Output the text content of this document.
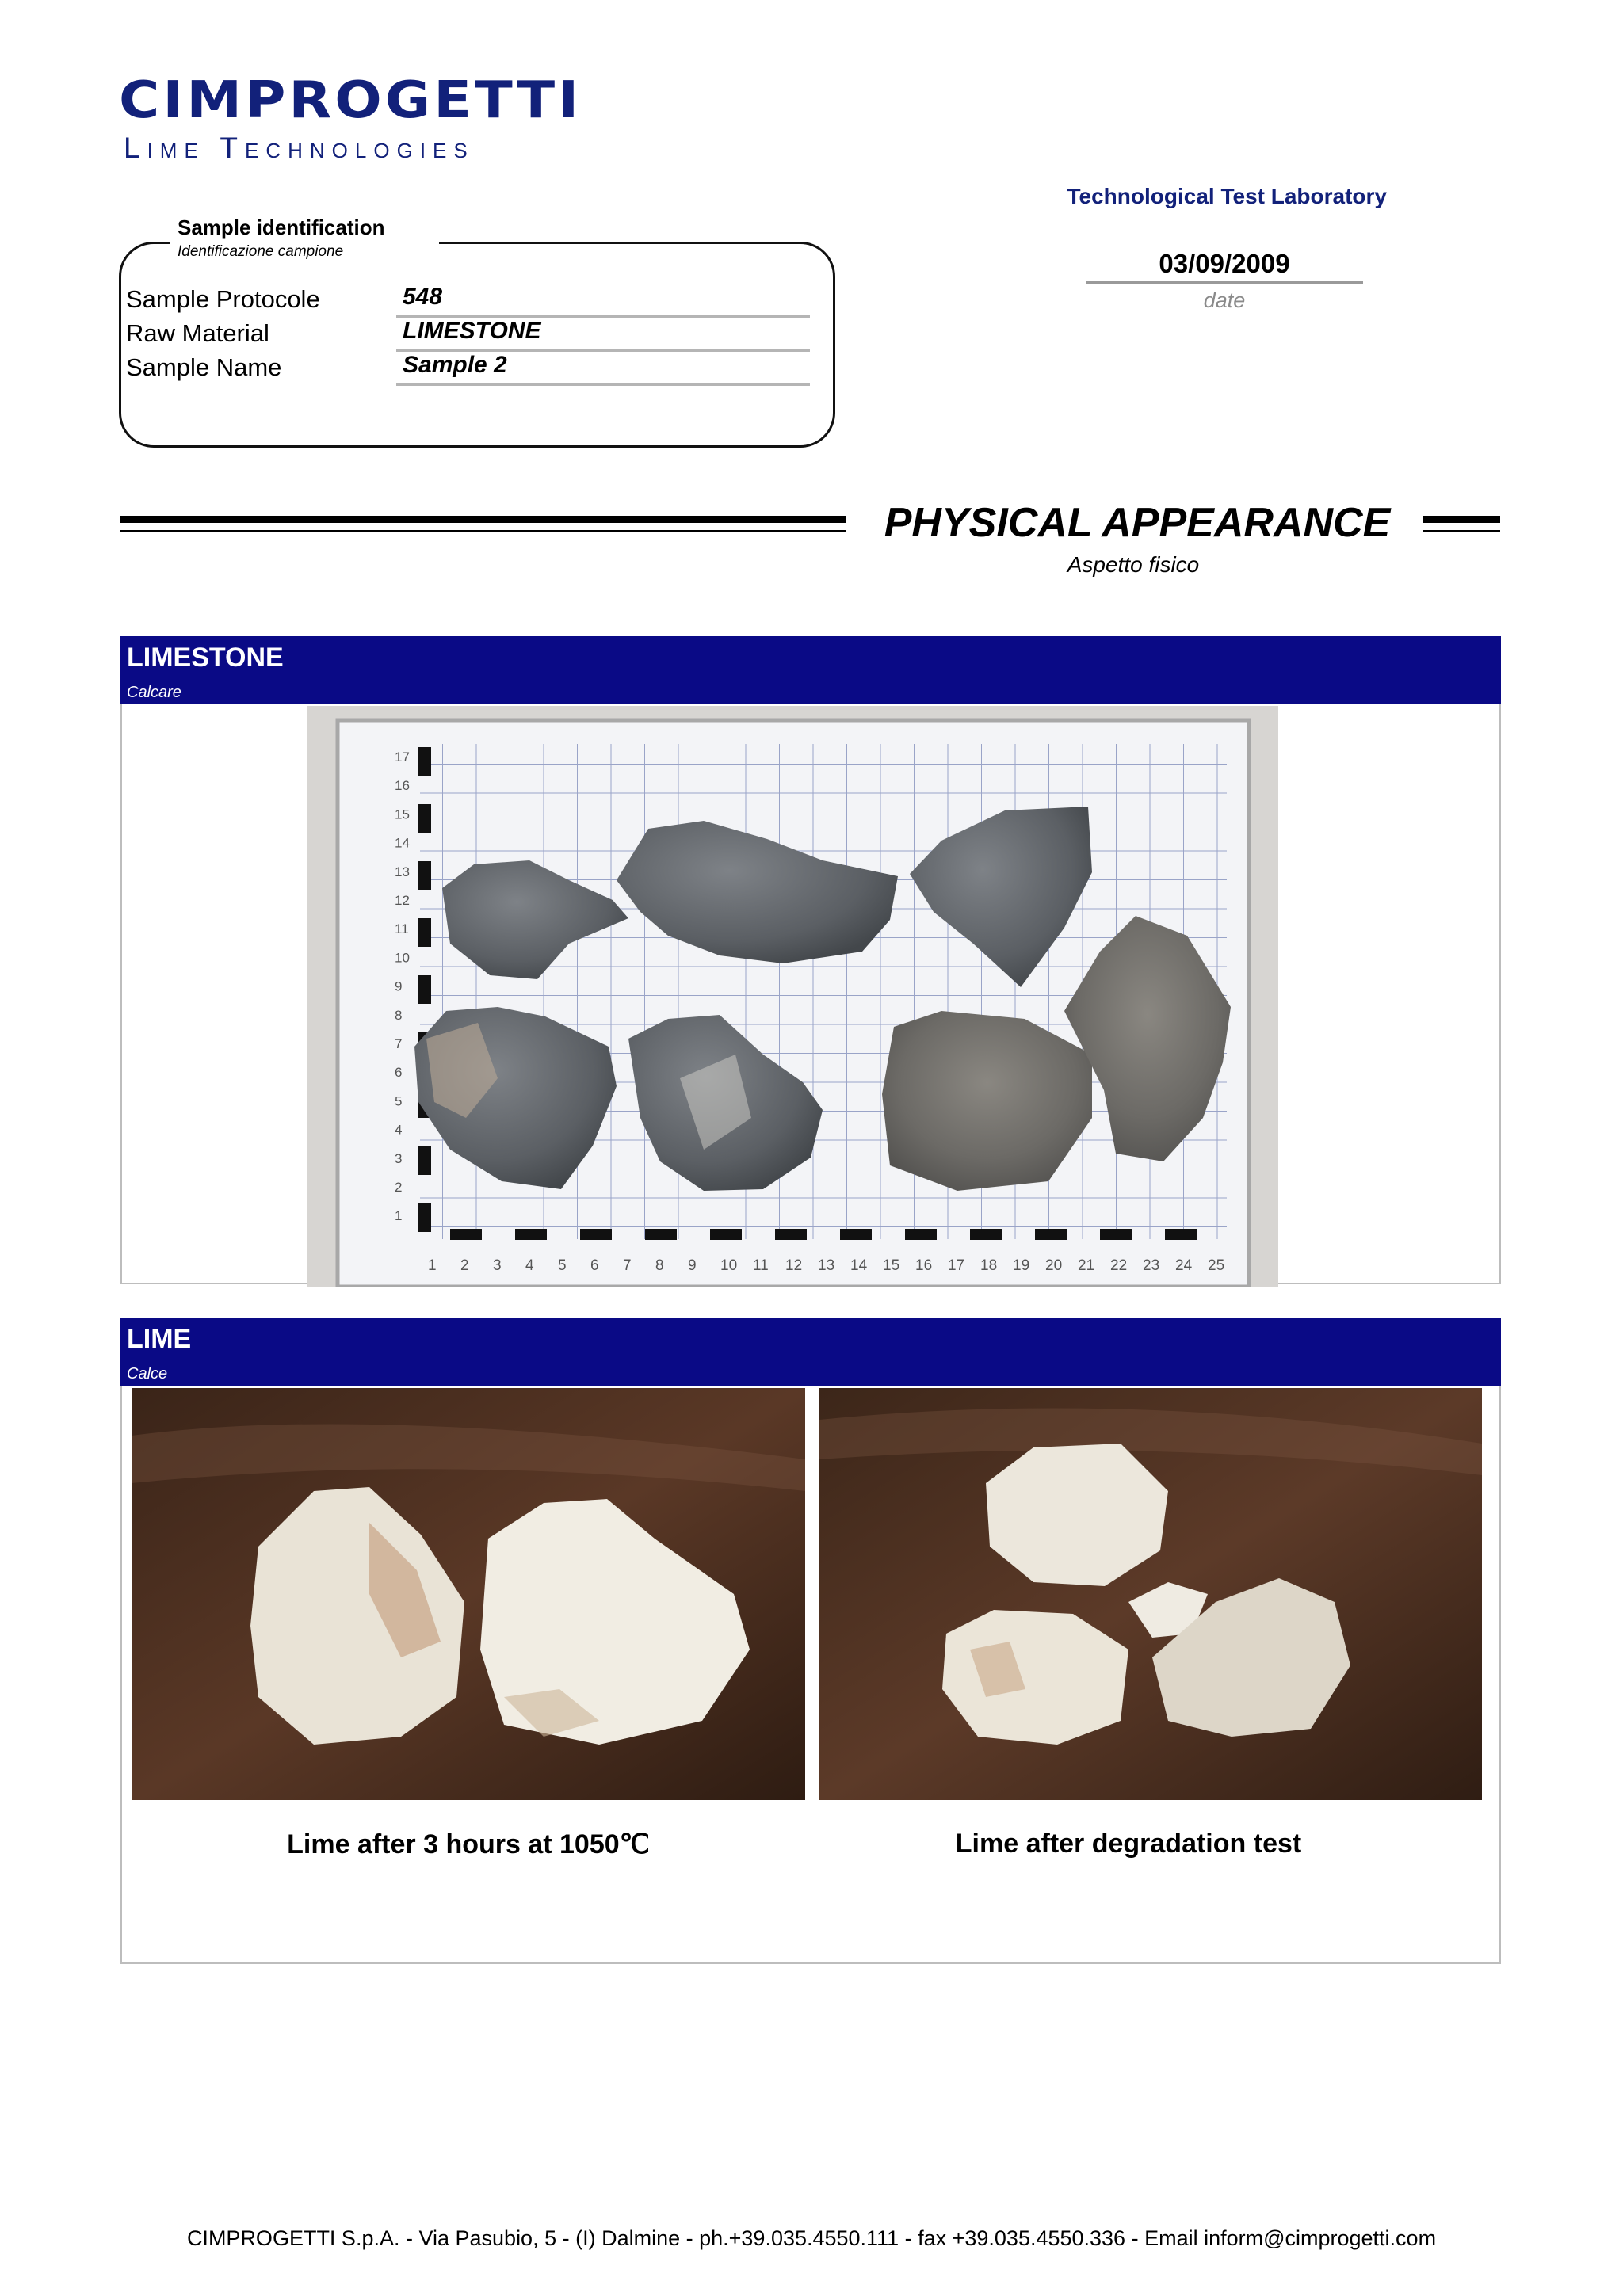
CIMPROGETTI
Lime Technologies
Technological Test Laboratory
03/09/2009
date
Sample identification
Identificazione campione
Sample Protocole	548
Raw Material	LIMESTONE
Sample Name	Sample 2
PHYSICAL APPEARANCE
Aspetto fisico
LIMESTONE
Calcare
17
16
15
14
13
12
11
10
9
8
7
6
5
4
3
2
1
1 2 3 4 5 6 7 8 9 10 11 12 13 14 15 16 17 18 19 20 21 22 23 24 25
LIME
Calce
Lime after 3 hours at 1050℃	Lime after degradation test
CIMPROGETTI S.p.A. - Via Pasubio, 5 - (I) Dalmine - ph.+39.035.4550.111 - fax +39.035.4550.336 - Email inform@cimprogetti.com
